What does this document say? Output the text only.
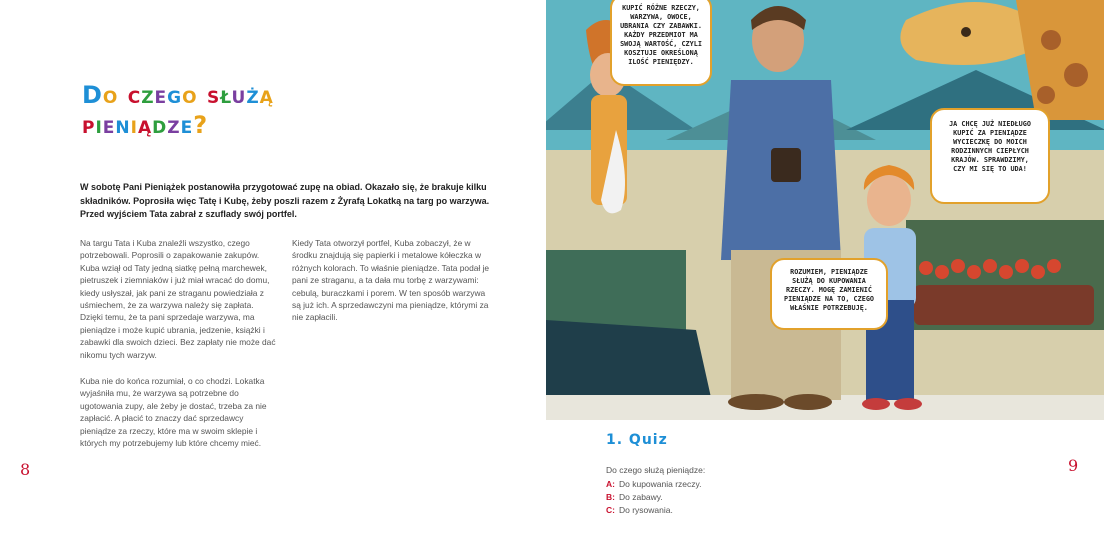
Do czego służą
pieniądze?
W sobotę Pani Pieniążek postanowiła przygotować zupę na obiad. Okazało się, że brakuje kilku składników. Poprosiła więc Tatę i Kubę, żeby poszli razem z Żyrafą Lokatką na targ po warzywa. Przed wyjściem Tata zabrał z szuflady swój portfel.

Na targu Tata i Kuba znaleźli wszystko, czego potrzebowali. Poprosili o zapakowanie zakupów. Kuba wziął od Taty jedną siatkę pełną marchewek, pietruszek i ziemniaków i już miał wracać do domu, kiedy usłyszał, jak pani ze straganu powiedziała z uśmiechem, że za warzywa należy się zapłata. Dzięki temu, że ta pani sprzedaje warzywa, ma pieniądze i może kupić ubrania, jedzenie, książki i zabawki dla swoich dzieci. Bez zapłaty nie może dać nikomu tych warzyw.

Kuba nie do końca rozumiał, o co chodzi. Lokatka wyjaśniła mu, że warzywa są potrzebne do ugotowania zupy, ale żeby je dostać, trzeba za nie zapłacić. A płacić to znaczy dać sprzedawcy pieniądze za rzeczy, które ma w swoim sklepie i których my potrzebujemy lub które chcemy mieć.

Kiedy Tata otworzył portfel, Kuba zobaczył, że w środku znajdują się papierki i metalowe kółeczka w różnych kolorach. To właśnie pieniądze. Tata podał je pani ze straganu, a ta dała mu torbę z warzywami: cebulą, buraczkami i porem. W ten sposób warzywa są już ich. A sprzedawczyni ma pieniądze, którymi za nie zapłacili.

8
KUPIĆ RÓŻNE RZECZY,
WARZYWA, OWOCE,
UBRANIA CZY ZABAWKI.
KAŻDY PRZEDMIOT MA
SWOJĄ WARTOŚĆ, CZYLI
KOSZTUJE OKREŚLONĄ
ILOŚĆ PIENIĘDZY.
JA CHCĘ JUŻ NIEDŁUGO
KUPIĆ ZA PIENIĄDZE
WYCIECZKĘ DO MOICH
RODZINNYCH CIEPŁYCH
KRAJÓW. SPRAWDZIMY,
CZY MI SIĘ TO UDA!
ROZUMIEM, PIENIĄDZE
SŁUŻĄ DO KUPOWANIA
RZECZY. MOGĘ ZAMIENIĆ
PIENIĄDZE NA TO, CZEGO
WŁAŚNIE POTRZEBUJĘ.
1. Quiz
Do czego służą pieniądze:
A: Do kupowania rzeczy.
B: Do zabawy.
C: Do rysowania.
9
